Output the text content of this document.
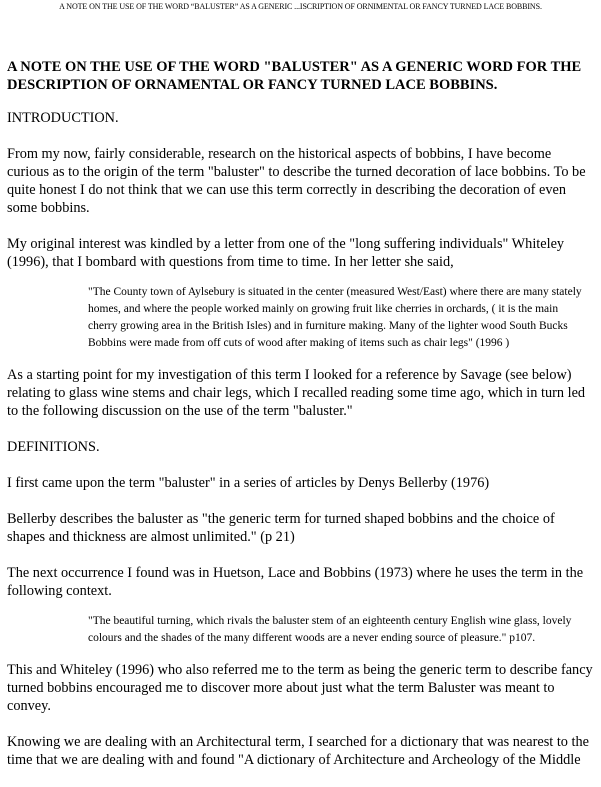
A NOTE ON THE USE OF THE WORD “BALUSTER” AS A GENERIC ...ISCRIPTION OF ORNIMENTAL OR FANCY TURNED LACE BOBBINS.
A NOTE ON THE USE OF THE WORD "BALUSTER" AS A GENERIC WORD FOR THE DESCRIPTION OF ORNAMENTAL OR FANCY TURNED LACE BOBBINS.

INTRODUCTION.

From my now, fairly considerable, research on the historical aspects of bobbins, I have become curious as to the origin of the term "baluster" to describe the turned decoration of lace bobbins. To be quite honest I do not think that we can use this term correctly in describing the decoration of even some bobbins.

My original interest was kindled by a letter from one of the "long suffering individuals" Whiteley (1996), that I bombard with questions from time to time. In her letter she said,

"The County town of Aylsebury is situated in the center (measured West/East) where there are many stately homes, and where the people worked mainly on growing fruit like cherries in orchards, ( it is the main cherry growing area in the British Isles) and in furniture making. Many of the lighter wood South Bucks Bobbins were made from off cuts of wood after making of items such as chair legs" (1996 )

As a starting point for my investigation of this term I looked for a reference by Savage (see below) relating to glass wine stems and chair legs, which I recalled reading some time ago, which in turn led to the following discussion on the use of the term "baluster."

DEFINITIONS.

I first came upon the term "baluster" in a series of articles by Denys Bellerby (1976)

Bellerby describes the baluster as "the generic term for turned shaped bobbins and the choice of shapes and thickness are almost unlimited." (p 21)

The next occurrence I found was in Huetson, Lace and Bobbins (1973) where he uses the term in the following context.

"The beautiful turning, which rivals the baluster stem of an eighteenth century English wine glass, lovely colours and the shades of the many different woods are a never ending source of pleasure." p107.

This and Whiteley (1996) who also referred me to the term as being the generic term to describe fancy turned bobbins encouraged me to discover more about just what the term Baluster was meant to convey.

Knowing we are dealing with an Architectural term, I searched for a dictionary that was nearest to the time that we are dealing with and found "A dictionary of Architecture and Archeology of the Middle
